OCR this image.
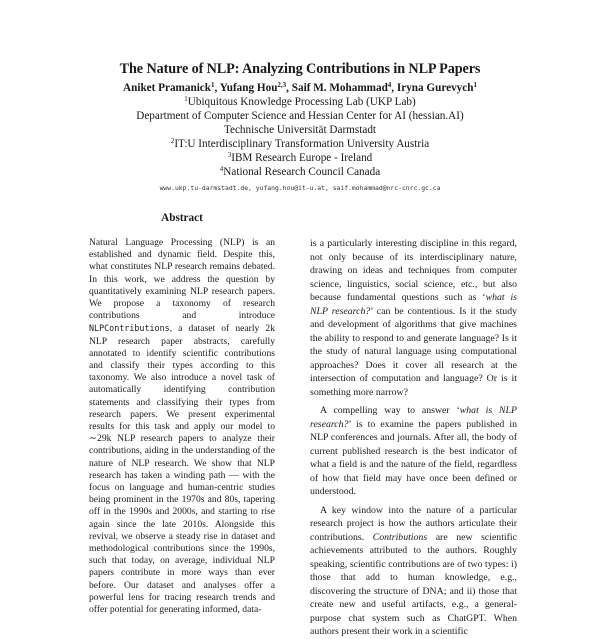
The Nature of NLP: Analyzing Contributions in NLP Papers
Aniket Pramanick$^1$, Yufang Hou$^{2,3}$, Saif M. Mohammad$^4$, Iryna Gurevych$^1$
$^1$Ubiquitous Knowledge Processing Lab (UKP Lab)
Department of Computer Science and Hessian Center for AI (hessian.AI)
Technische Universität Darmstadt
$^2$IT:U Interdisciplinary Transformation University Austria
$^3$IBM Research Europe - Ireland
$^4$National Research Council Canada
www.ukp.tu-darmstadt.de, yufang.hou@it-u.at, saif.mohammad@nrc-cnrc.gc.ca
Abstract

Natural Language Processing (NLP) is an established and dynamic field. Despite this, what constitutes NLP research remains debated. In this work, we address the question by quantitatively examining NLP research papers. We propose a taxonomy of research contributions and introduce NLPContributions, a dataset of nearly 2k NLP research paper abstracts, carefully annotated to identify scientific contributions and classify their types according to this taxonomy. We also introduce a novel task of automatically identifying contribution statements and classifying their types from research papers. We present experimental results for this task and apply our model to ∼29k NLP research papers to analyze their contributions, aiding in the understanding of the nature of NLP research. We show that NLP research has taken a winding path — with the focus on language and human-centric studies being prominent in the 1970s and 80s, tapering off in the 1990s and 2000s, and starting to rise again since the late 2010s. Alongside this revival, we observe a steady rise in dataset and methodological contributions since the 1990s, such that today, on average, individual NLP papers contribute in more ways than ever before. Our dataset and analyses offer a powerful lens for tracing research trends and offer potential for generating informed, data-

is a particularly interesting discipline in this regard, not only because of its interdisciplinary nature, drawing on ideas and techniques from computer science, linguistics, social science, etc., but also because fundamental questions such as ‘what is NLP research?’ can be contentious. Is it the study and development of algorithms that give machines the ability to respond to and generate language? Is it the study of natural language using computational approaches? Does it cover all research at the intersection of computation and language? Or is it something more narrow?

A compelling way to answer ‘what is NLP research?’ is to examine the papers published in NLP conferences and journals. After all, the body of current published research is the best indicator of what a field is and the nature of the field, regardless of how that field may have once been defined or understood.

A key window into the nature of a particular research project is how the authors articulate their contributions. Contributions are new scientific achievements attributed to the authors. Roughly speaking, scientific contributions are of two types: i) those that add to human knowledge, e.g., discovering the structure of DNA; and ii) those that create new and useful artifacts, e.g., a general-purpose chat system such as ChatGPT. When authors present their work in a scientific
